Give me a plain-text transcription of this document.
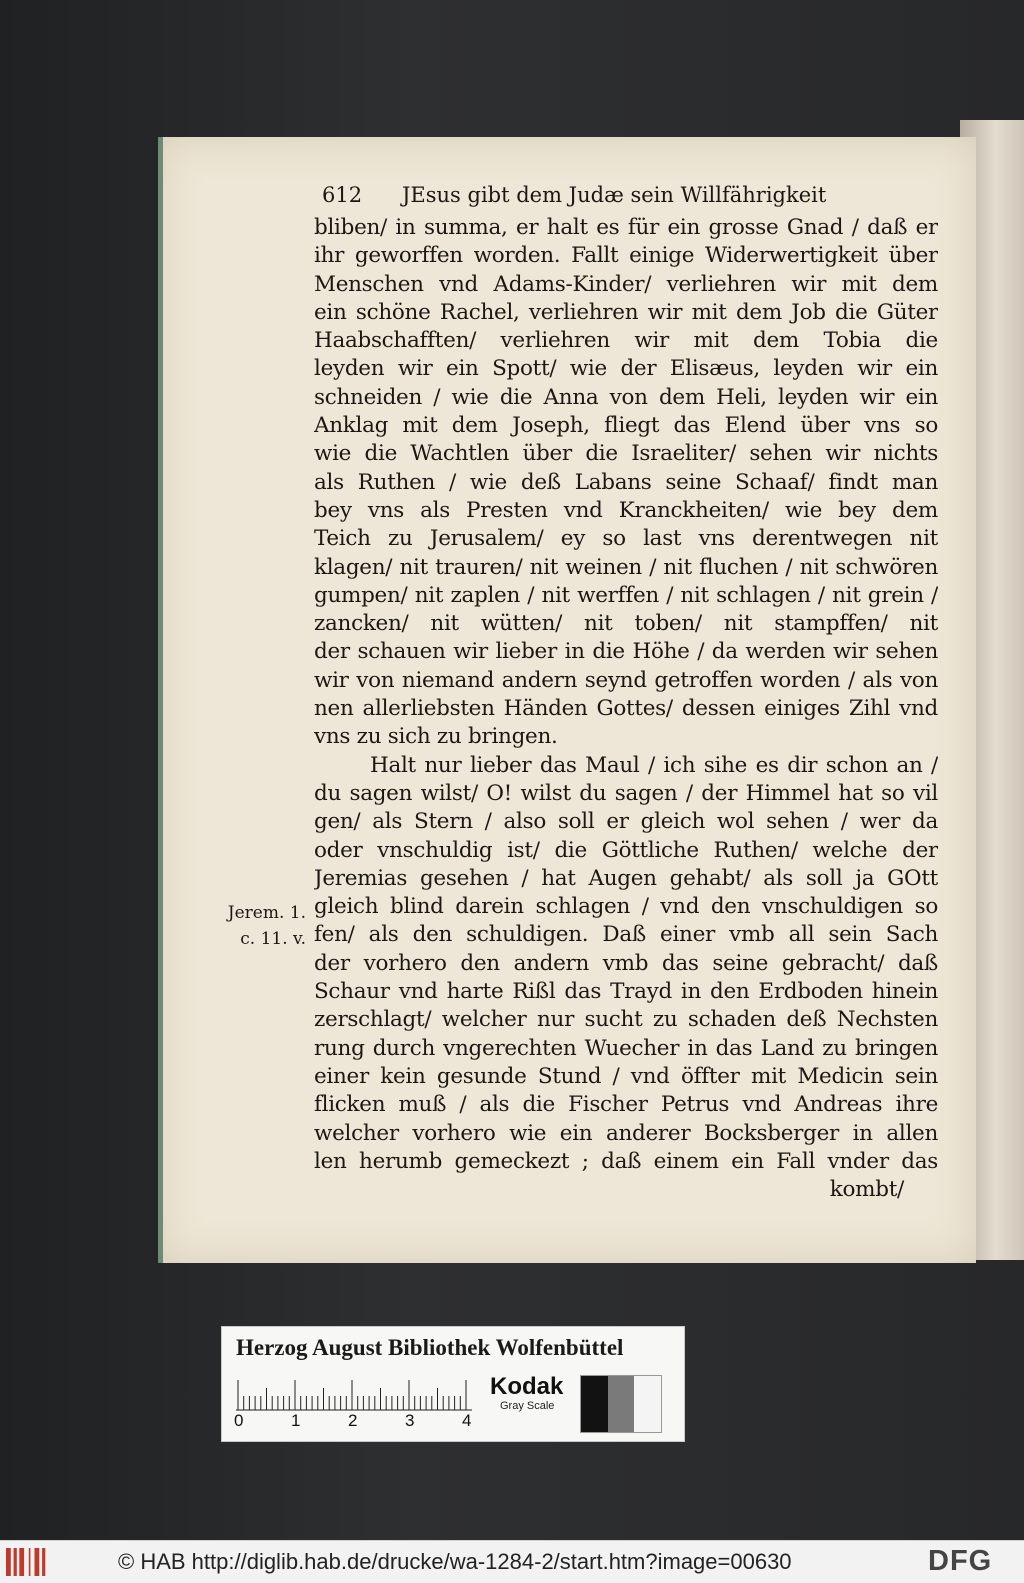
612	JEsus gibt dem Judæ sein Willfährigkeit
bliben/ in summa, er halt es für ein grosse Gnad / daß er
ihr geworffen worden. Fallt einige Widerwertigkeit über
Menschen vnd Adams-Kinder/ verliehren wir mit dem
ein schöne Rachel, verliehren wir mit dem Job die Güter
Haabschafften/ verliehren wir mit dem Tobia die
leyden wir ein Spott/ wie der Elisæus, leyden wir ein
schneiden / wie die Anna von dem Heli, leyden wir ein
Anklag mit dem Joseph, fliegt das Elend über vns so
wie die Wachtlen über die Israeliter/ sehen wir nichts
als Ruthen / wie deß Labans seine Schaaf/ findt man
bey vns als Presten vnd Kranckheiten/ wie bey dem
Teich zu Jerusalem/ ey so last vns derentwegen nit
klagen/ nit trauren/ nit weinen / nit fluchen / nit schwören
gumpen/ nit zaplen / nit werffen / nit schlagen / nit grein /
zancken/ nit wütten/ nit toben/ nit stampffen/ nit
der schauen wir lieber in die Höhe / da werden wir sehen
wir von niemand andern seynd getroffen worden / als von
nen allerliebsten Händen Gottes/ dessen einiges Zihl vnd
vns zu sich zu bringen.
Halt nur lieber das Maul / ich sihe es dir schon an /
du sagen wilst/ O! wilst du sagen / der Himmel hat so vil
gen/ als Stern / also soll er gleich wol sehen / wer da
oder vnschuldig ist/ die Göttliche Ruthen/ welche der
Jeremias gesehen / hat Augen gehabt/ als soll ja GOtt
gleich blind darein schlagen / vnd den vnschuldigen so
fen/ als den schuldigen. Daß einer vmb all sein Sach
der vorhero den andern vmb das seine gebracht/ daß
Schaur vnd harte Rißl das Trayd in den Erdboden hinein
zerschlagt/ welcher nur sucht zu schaden deß Nechsten
rung durch vngerechten Wuecher in das Land zu bringen
einer kein gesunde Stund / vnd öffter mit Medicin sein
flicken muß / als die Fischer Petrus vnd Andreas ihre
welcher vorhero wie ein anderer Bocksberger in allen
len herumb gemeckezt ; daß einem ein Fall vnder das
kombt/
Jerem. 1.
c. 11. v.
Herzog August Bibliothek Wolfenbüttel
0	1	2	3	4
Kodak
Gray Scale
© HAB http://diglib.hab.de/drucke/wa-1284-2/start.htm?image=00630	DFG
